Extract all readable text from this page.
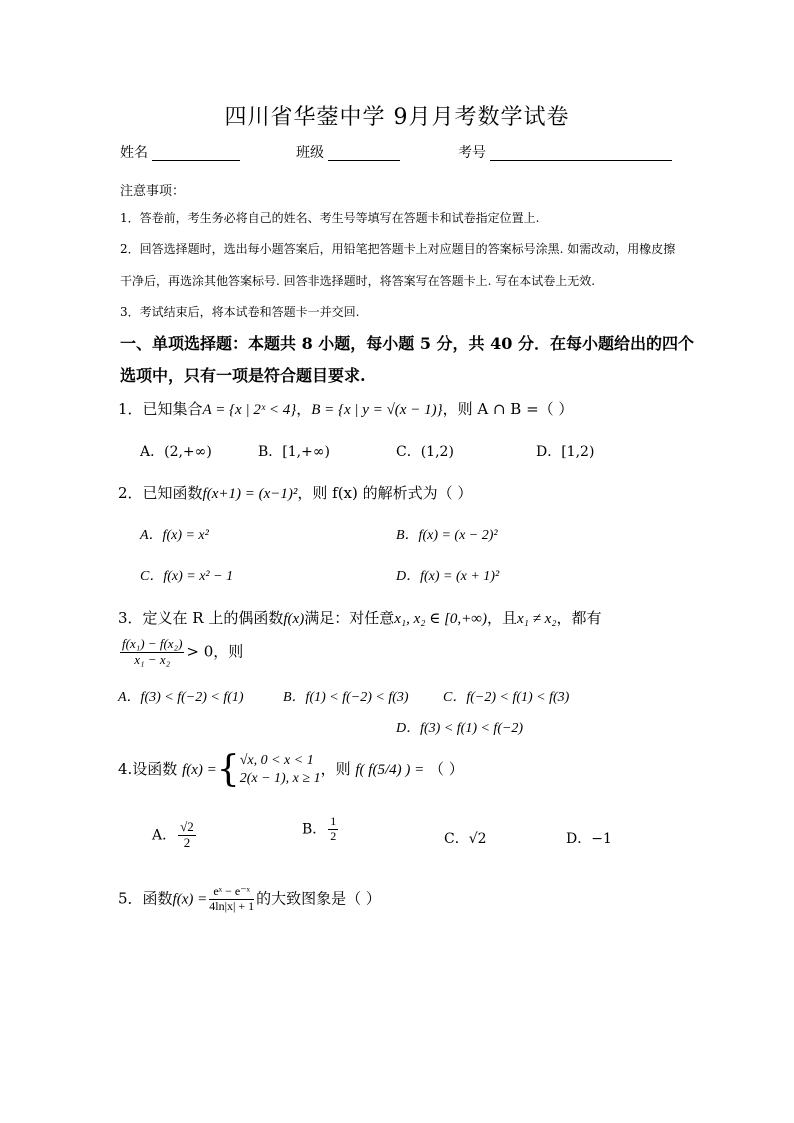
四川省华蓥中学 9月月考数学试卷
姓名	班级	考号
注意事项：
1．答卷前，考生务必将自己的姓名、考生号等填写在答题卡和试卷指定位置上.
2．回答选择题时，选出每小题答案后，用铅笔把答题卡上对应题目的答案标号涂黑. 如需改动，用橡皮擦
干净后，再选涂其他答案标号. 回答非选择题时，将答案写在答题卡上. 写在本试卷上无效.
3．考试结束后，将本试卷和答题卡一并交回.
一、单项选择题：本题共 8 小题，每小题 5 分，共 40 分．在每小题给出的四个
选项中，只有一项是符合题目要求.
1．已知集合A = {x | 2ˣ < 4}，B = {x | y = √(x − 1)}，则 A ∩ B =（ ）
A．(2,+∞)	B．[1,+∞)	C．(1,2)	D．[1,2)
2．已知函数f(x+1) = (x−1)²，则 f(x) 的解析式为（ ）
A．f(x) = x²	B．f(x) = (x − 2)²
C．f(x) = x² − 1	D．f(x) = (x + 1)²
3．定义在 R 上的偶函数f(x)满足：对任意x₁, x₂ ∈ [0,+∞)，且x₁ ≠ x₂，都有
$\frac{\text{f(x₁) − f(x₂)}}{\text{x₁ − x₂}} > 0$，则
A．f(3) < f(−2) < f(1)	B．f(1) < f(−2) < f(3) C．f(−2) < f(1) < f(3)
D．f(3) < f(1) < f(−2)
4.设函数 f(x) ={ √x, 0 < x < 1
2(x − 1), x ≥ 1
，则 f( f(5/4) ) = （ ）
A． $\frac{√2}{2}$	B． $\frac{1}{2}$	C．√2	D．−1
5．函数$f(x) = \frac{\text{eˣ − e⁻ˣ}}{4\ln|x| + 1}$ 的大致图象是（ ）
